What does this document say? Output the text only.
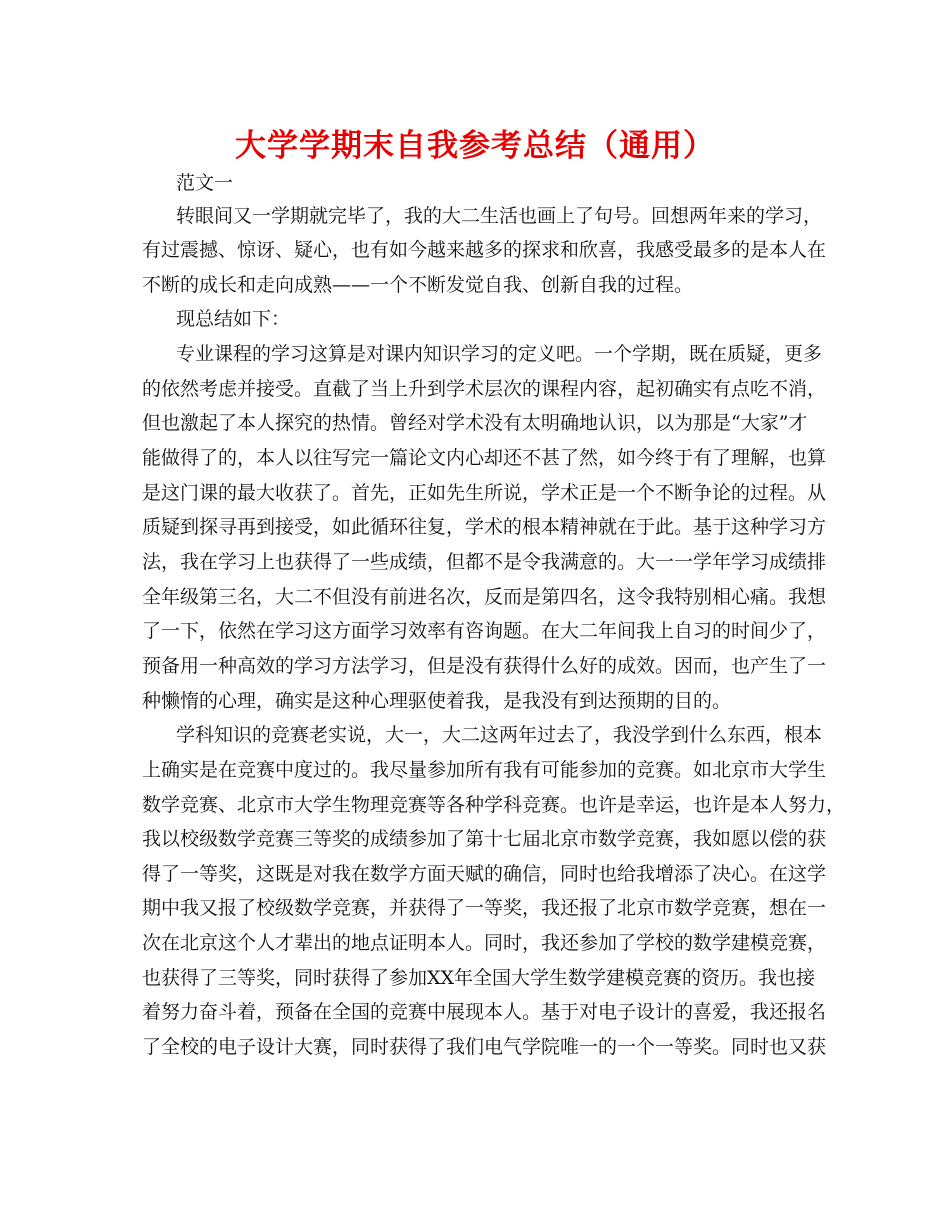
大学学期末自我参考总结（通用）

范文一

转眼间又一学期就完毕了，我的大二生活也画上了句号。回想两年来的学习，

有过震撼、惊讶、疑心，也有如今越来越多的探求和欣喜，我感受最多的是本人在

不断的成长和走向成熟——一个不断发觉自我、创新自我的过程。

现总结如下：

专业课程的学习这算是对课内知识学习的定义吧。一个学期，既在质疑，更多

的依然考虑并接受。直截了当上升到学术层次的课程内容，起初确实有点吃不消，

但也激起了本人探究的热情。曾经对学术没有太明确地认识，以为那是“大家”才

能做得了的，本人以往写完一篇论文内心却还不甚了然，如今终于有了理解，也算

是这门课的最大收获了。首先，正如先生所说，学术正是一个不断争论的过程。从

质疑到探寻再到接受，如此循环往复，学术的根本精神就在于此。基于这种学习方

法，我在学习上也获得了一些成绩，但都不是令我满意的。大一一学年学习成绩排

全年级第三名，大二不但没有前进名次，反而是第四名，这令我特别相心痛。我想

了一下，依然在学习这方面学习效率有咨询题。在大二年间我上自习的时间少了，

预备用一种高效的学习方法学习，但是没有获得什么好的成效。因而，也产生了一

种懒惰的心理，确实是这种心理驱使着我，是我没有到达预期的目的。

学科知识的竞赛老实说，大一，大二这两年过去了，我没学到什么东西，根本

上确实是在竞赛中度过的。我尽量参加所有我有可能参加的竞赛。如北京市大学生

数学竞赛、北京市大学生物理竞赛等各种学科竞赛。也许是幸运，也许是本人努力，

我以校级数学竞赛三等奖的成绩参加了第十七届北京市数学竞赛，我如愿以偿的获

得了一等奖，这既是对我在数学方面天赋的确信，同时也给我增添了决心。在这学

期中我又报了校级数学竞赛，并获得了一等奖，我还报了北京市数学竞赛，想在一

次在北京这个人才辈出的地点证明本人。同时，我还参加了学校的数学建模竞赛，

也获得了三等奖，同时获得了参加XX年全国大学生数学建模竞赛的资历。我也接

着努力奋斗着，预备在全国的竞赛中展现本人。基于对电子设计的喜爱，我还报名

了全校的电子设计大赛，同时获得了我们电气学院唯一的一个一等奖。同时也又获
